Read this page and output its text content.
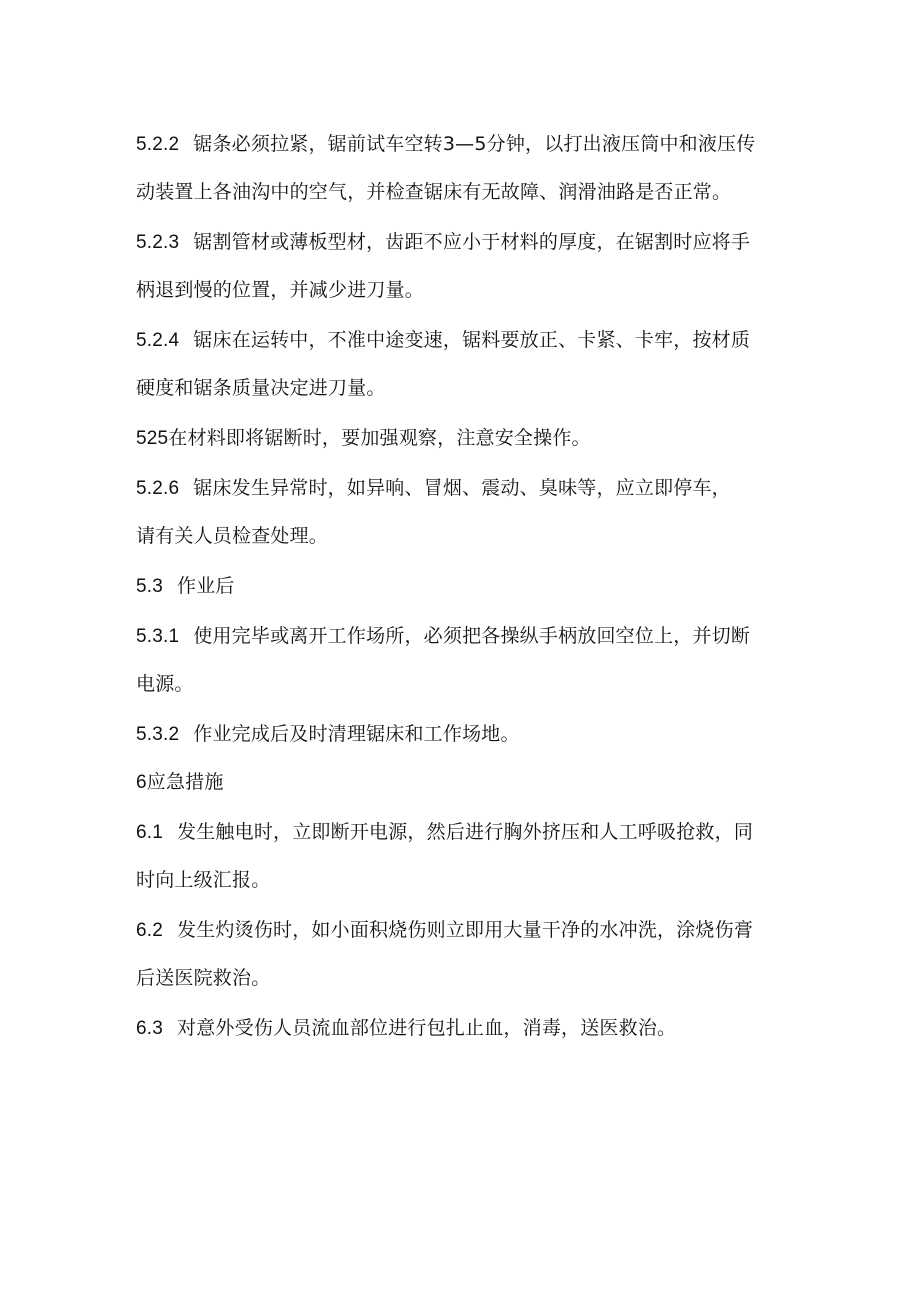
5.2.2 锯条必须拉紧，锯前试车空转3—5分钟，以打出液压筒中和液压传
动装置上各油沟中的空气，并检查锯床有无故障、润滑油路是否正常。
5.2.3 锯割管材或薄板型材，齿距不应小于材料的厚度，在锯割时应将手
柄退到慢的位置，并减少进刀量。
5.2.4 锯床在运转中，不准中途变速，锯料要放正、卡紧、卡牢，按材质
硬度和锯条质量决定进刀量。
525在材料即将锯断时，要加强观察，注意安全操作。
5.2.6 锯床发生异常时，如异响、冒烟、震动、臭味等，应立即停车，
请有关人员检查处理。
5.3 作业后
5.3.1 使用完毕或离开工作场所，必须把各操纵手柄放回空位上，并切断
电源。
5.3.2 作业完成后及时清理锯床和工作场地。
6应急措施
6.1 发生触电时，立即断开电源，然后进行胸外挤压和人工呼吸抢救，同
时向上级汇报。
6.2 发生灼烫伤时，如小面积烧伤则立即用大量干净的水冲洗，涂烧伤膏
后送医院救治。
6.3 对意外受伤人员流血部位进行包扎止血，消毒，送医救治。
